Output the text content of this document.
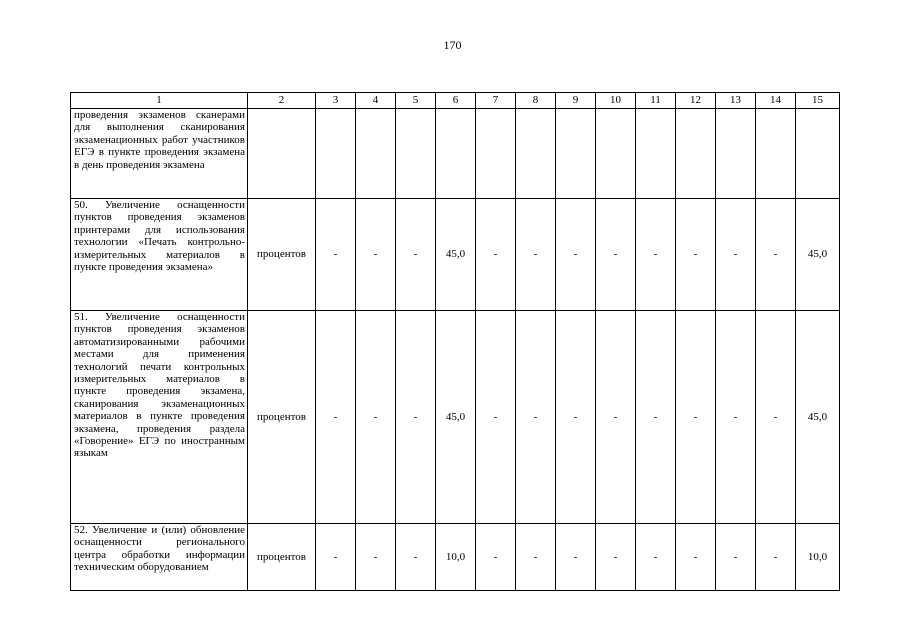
170
1	2	3	4	5	6	7	8	9	10	11	12	13	14	15
проведения экзаменов сканерами для выполнения сканирования экзаменационных работ участников ЕГЭ в пункте проведения экзамена в день проведения экзамена														
50. Увеличение оснащенности пунктов проведения экзаменов принтерами для использования технологии «Печать контрольно-измерительных материалов в пункте проведения экзамена»	процентов	-	-	-	45,0	-	-	-	-	-	-	-	-	45,0
51. Увеличение оснащенности пунктов проведения экзаменов автоматизированными рабочими местами для применения технологий печати контрольных измерительных материалов в пункте проведения экзамена, сканирования экзаменационных материалов в пункте проведения экзамена, проведения раздела «Говорение» ЕГЭ по иностранным языкам	процентов	-	-	-	45,0	-	-	-	-	-	-	-	-	45,0
52. Увеличение и (или) обновление оснащенности регионального центра обработки информации техническим оборудованием	процентов	-	-	-	10,0	-	-	-	-	-	-	-	-	10,0
